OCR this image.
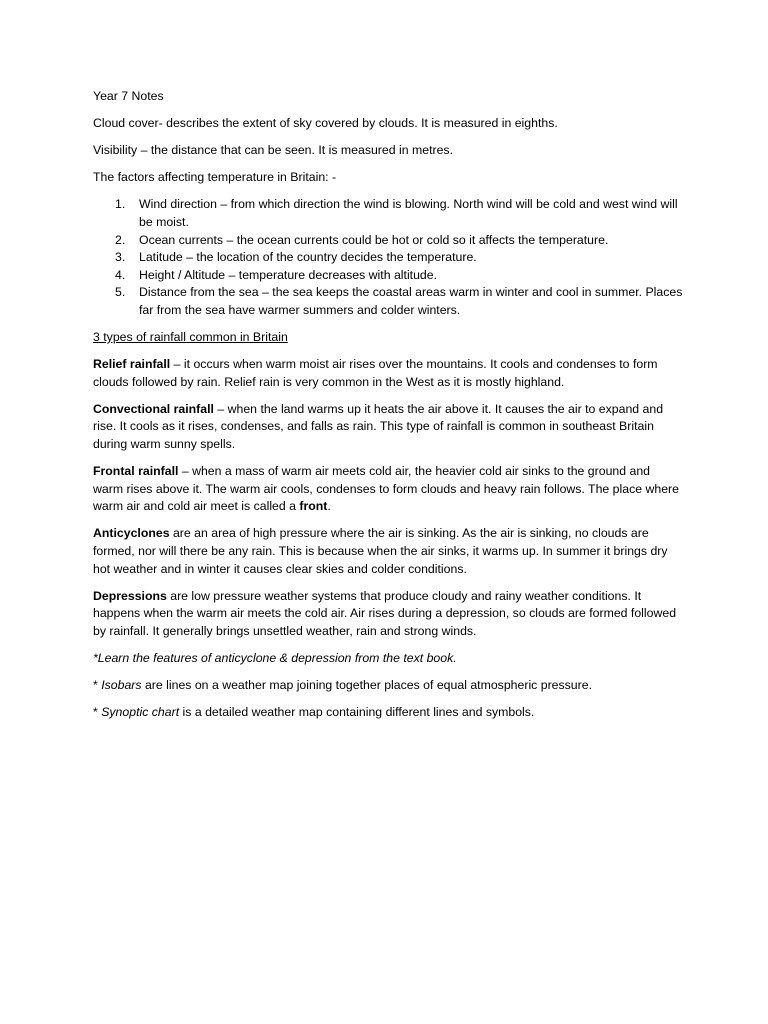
Year 7 Notes

Cloud cover- describes the extent of sky covered by clouds. It is measured in eighths.

Visibility – the distance that can be seen. It is measured in metres.

The factors affecting temperature in Britain: -

1.	Wind direction – from which direction the wind is blowing. North wind will be cold and west wind will be moist.
2.	Ocean currents – the ocean currents could be hot or cold so it affects the temperature.
3.	Latitude – the location of the country decides the temperature.
4.	Height / Altitude – temperature decreases with altitude.
5.	Distance from the sea – the sea keeps the coastal areas warm in winter and cool in summer. Places far from the sea have warmer summers and colder winters.

3 types of rainfall common in Britain

Relief rainfall – it occurs when warm moist air rises over the mountains. It cools and condenses to form clouds followed by rain. Relief rain is very common in the West as it is mostly highland.

Convectional rainfall – when the land warms up it heats the air above it. It causes the air to expand and rise. It cools as it rises, condenses, and falls as rain. This type of rainfall is common in southeast Britain during warm sunny spells.

Frontal rainfall – when a mass of warm air meets cold air, the heavier cold air sinks to the ground and warm rises above it. The warm air cools, condenses to form clouds and heavy rain follows. The place where warm air and cold air meet is called a front.

Anticyclones are an area of high pressure where the air is sinking. As the air is sinking, no clouds are formed, nor will there be any rain. This is because when the air sinks, it warms up. In summer it brings dry hot weather and in winter it causes clear skies and colder conditions.

Depressions are low pressure weather systems that produce cloudy and rainy weather conditions. It happens when the warm air meets the cold air. Air rises during a depression, so clouds are formed followed by rainfall. It generally brings unsettled weather, rain and strong winds.

*Learn the features of anticyclone & depression from the text book.

* Isobars are lines on a weather map joining together places of equal atmospheric pressure.

* Synoptic chart is a detailed weather map containing different lines and symbols.
